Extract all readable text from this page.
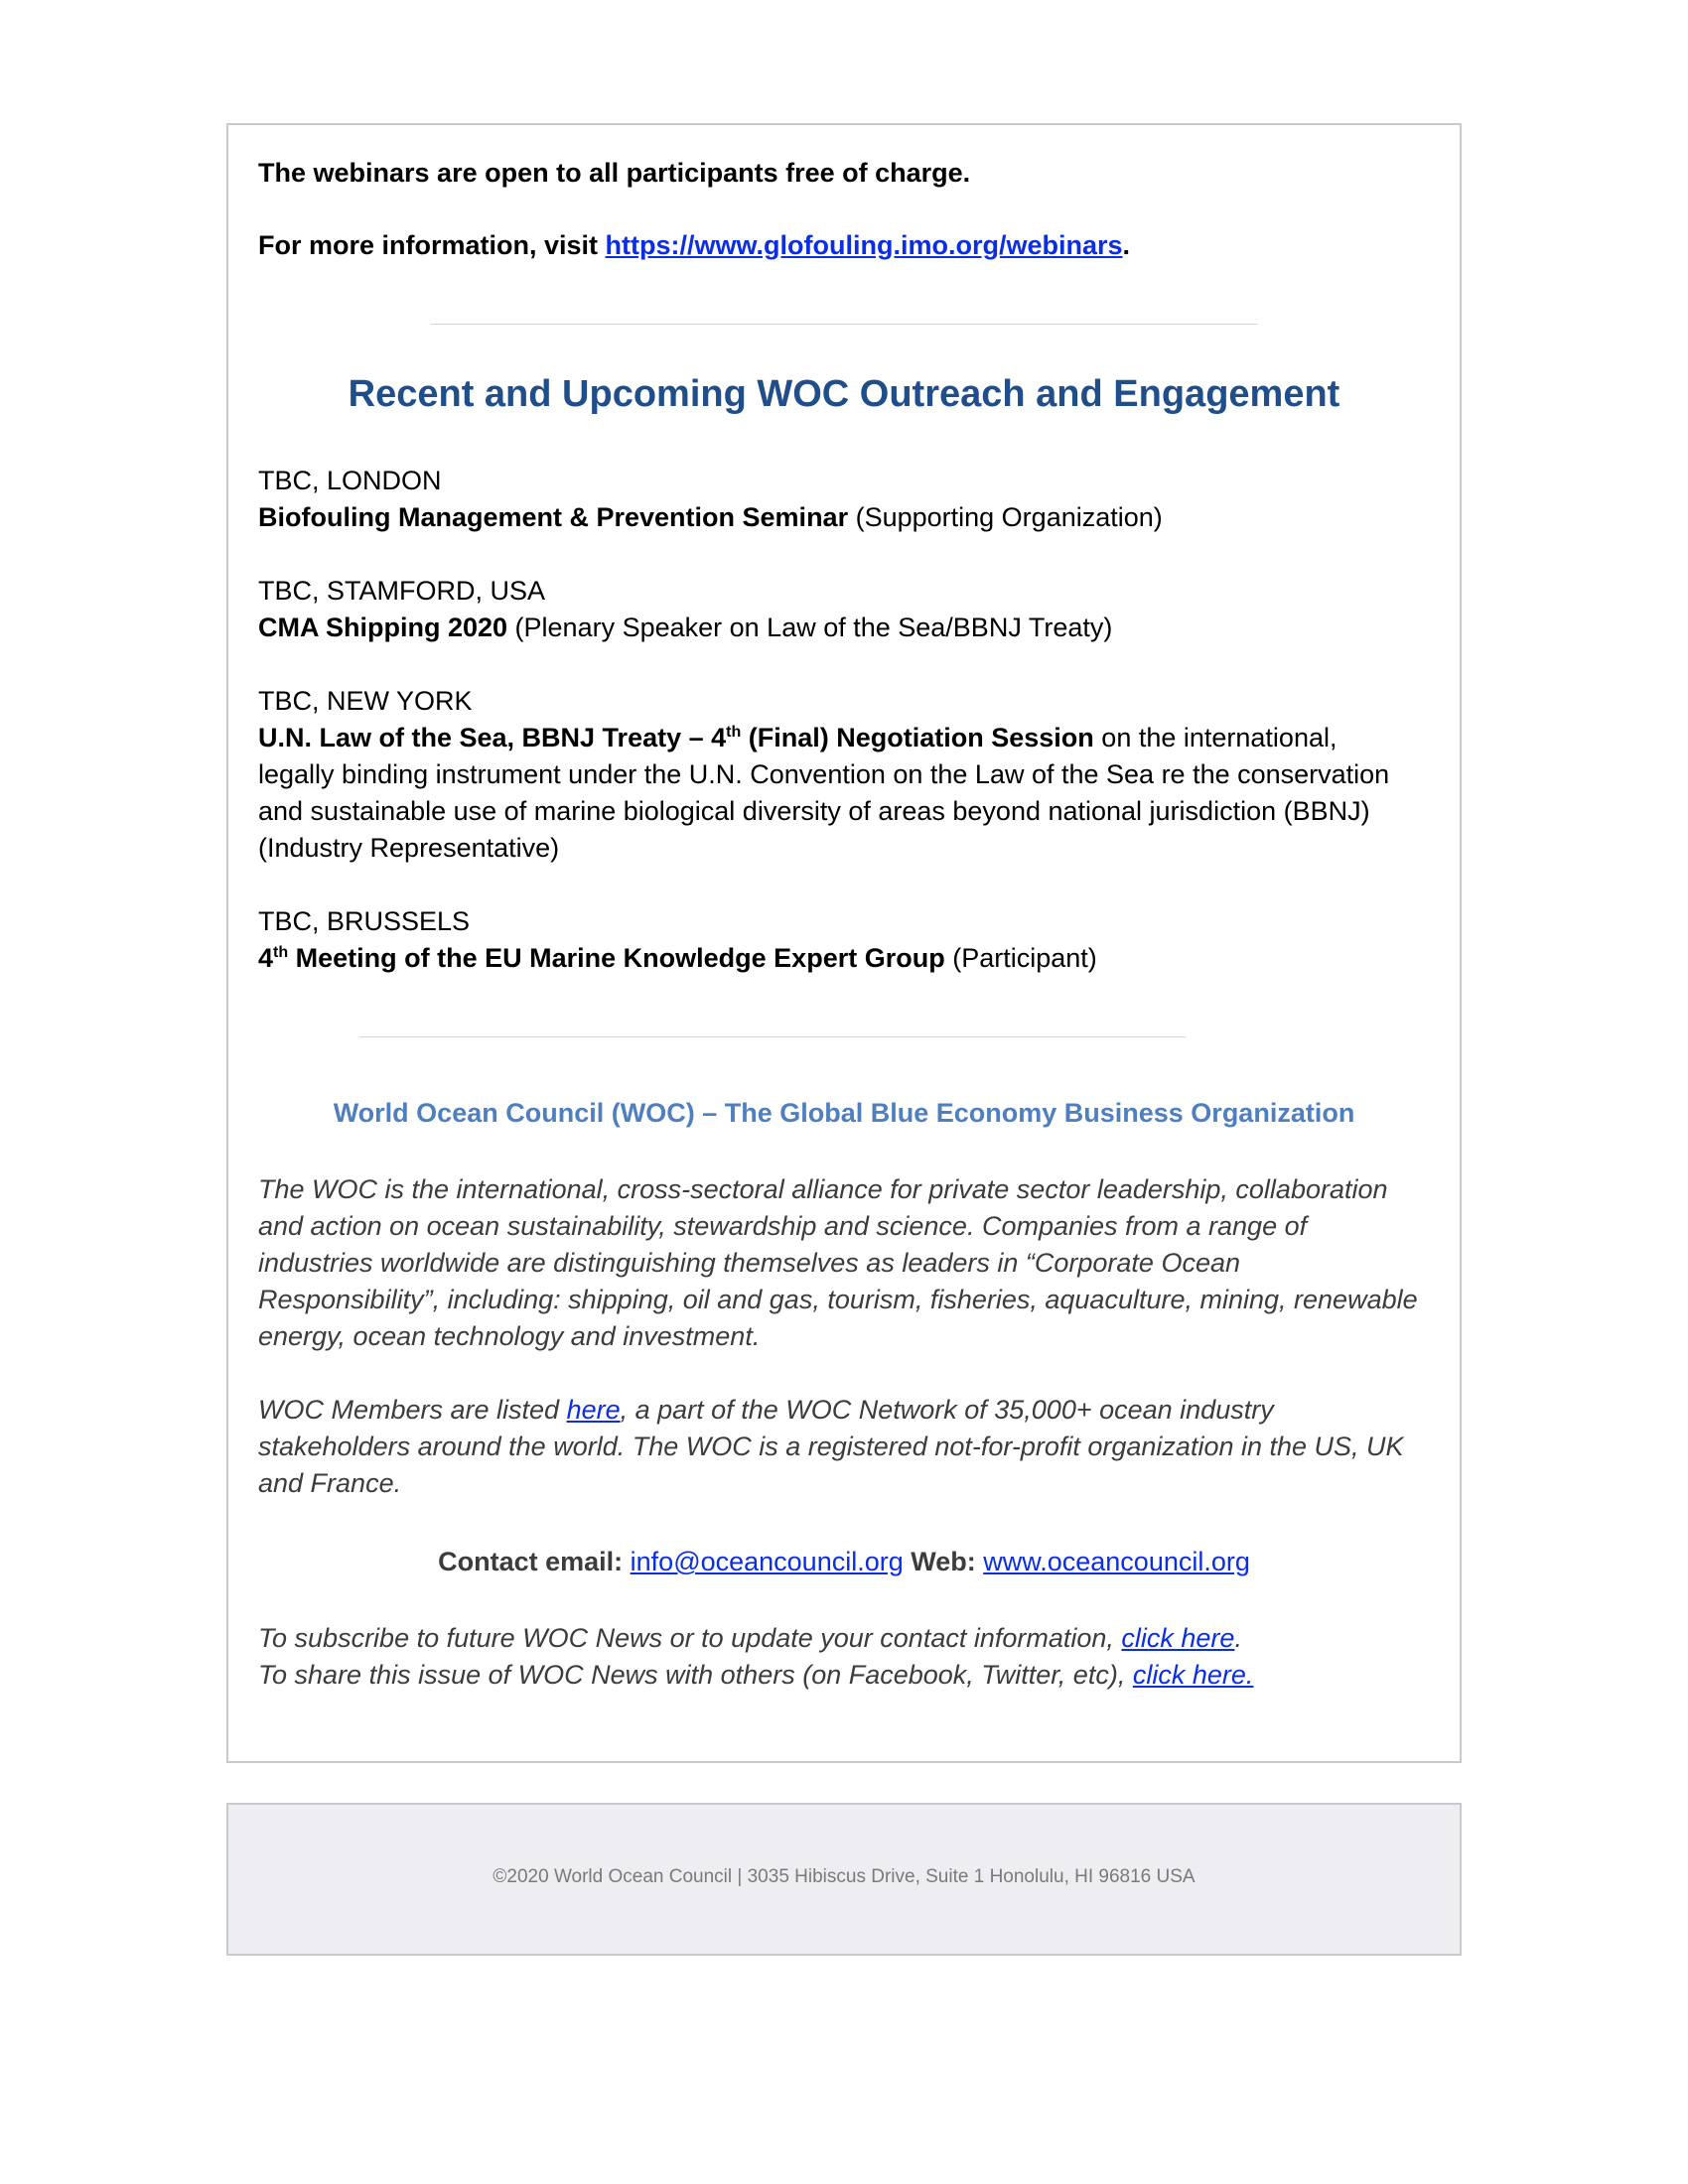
The webinars are open to all participants free of charge.

For more information, visit https://www.glofouling.imo.org/webinars.

Recent and Upcoming WOC Outreach and Engagement
TBC, LONDON
Biofouling Management & Prevention Seminar (Supporting Organization)
TBC, STAMFORD, USA
CMA Shipping 2020 (Plenary Speaker on Law of the Sea/BBNJ Treaty)
TBC, NEW YORK
U.N. Law of the Sea, BBNJ Treaty – 4th (Final) Negotiation Session on the international, legally binding instrument under the U.N. Convention on the Law of the Sea re the conservation and sustainable use of marine biological diversity of areas beyond national jurisdiction (BBNJ) (Industry Representative)
TBC, BRUSSELS
4th Meeting of the EU Marine Knowledge Expert Group (Participant)
World Ocean Council (WOC) – The Global Blue Economy Business Organization
The WOC is the international, cross-sectoral alliance for private sector leadership, collaboration and action on ocean sustainability, stewardship and science. Companies from a range of industries worldwide are distinguishing themselves as leaders in “Corporate Ocean Responsibility”, including: shipping, oil and gas, tourism, fisheries, aquaculture, mining, renewable energy, ocean technology and investment.
WOC Members are listed here, a part of the WOC Network of 35,000+ ocean industry stakeholders around the world. The WOC is a registered not-for-profit organization in the US, UK and France.
Contact email: info@oceancouncil.org Web: www.oceancouncil.org
To subscribe to future WOC News or to update your contact information, click here.
To share this issue of WOC News with others (on Facebook, Twitter, etc), click here.
©2020 World Ocean Council | 3035 Hibiscus Drive, Suite 1 Honolulu, HI 96816 USA
